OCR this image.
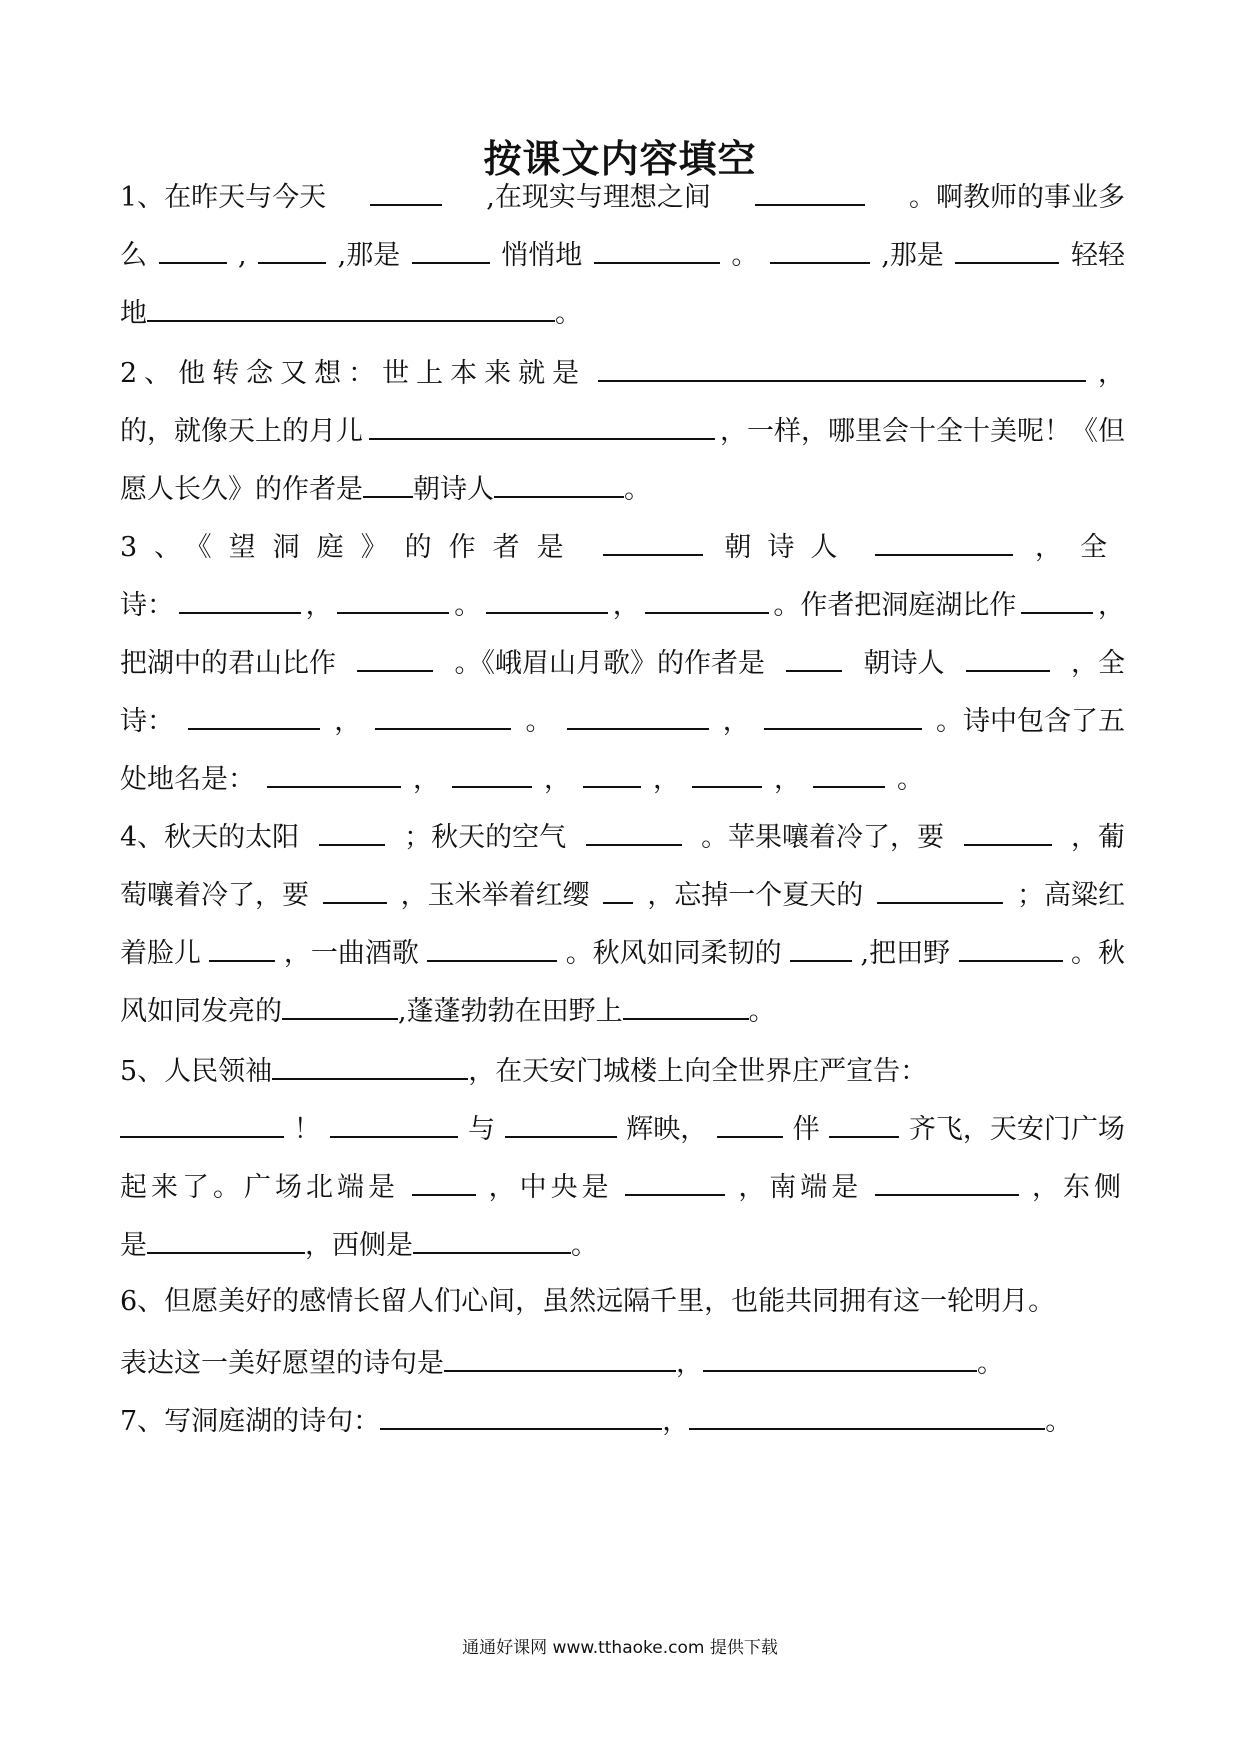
按课文内容填空
1、在昨天与今天	,在现实与理想之间	。啊教师的事业多
么	,	,那是	悄悄地	。	,那是	轻轻
地	。
2、他转念又想：世上本来就是	，
的，就像天上的月儿	，一样，哪里会十全十美呢！《但
愿人长久》的作者是 朝诗人	。
3、《望洞庭》的作者是	朝诗人	，全
诗：	，	。	，	。作者把洞庭湖比作	，
把湖中的君山比作	。《峨眉山月歌》的作者是	朝诗人	，全
诗：	，	。	，	。诗中包含了五
处地名是：	，	，	，	，	。
4、秋天的太阳	；秋天的空气	。苹果嚷着冷了，要	，葡
萄嚷着冷了，要	，玉米举着红缨 ，忘掉一个夏天的	；高粱红
着脸儿	，一曲酒歌	。秋风如同柔韧的	,把田野	。秋
风如同发亮的	,蓬蓬勃勃在田野上	。
5、人民领袖	，在天安门城楼上向全世界庄严宣告：
！	与	辉映，	伴	齐飞，天安门广场
起来了。广场北端是	，中央是	，南端是	，东侧
是	，西侧是	。
6、但愿美好的感情长留人们心间，虽然远隔千里，也能共同拥有这一轮明月。
表达这一美好愿望的诗句是	，	。
7、写洞庭湖的诗句：	，	。
通通好课网 www.tthaoke.com 提供下载
